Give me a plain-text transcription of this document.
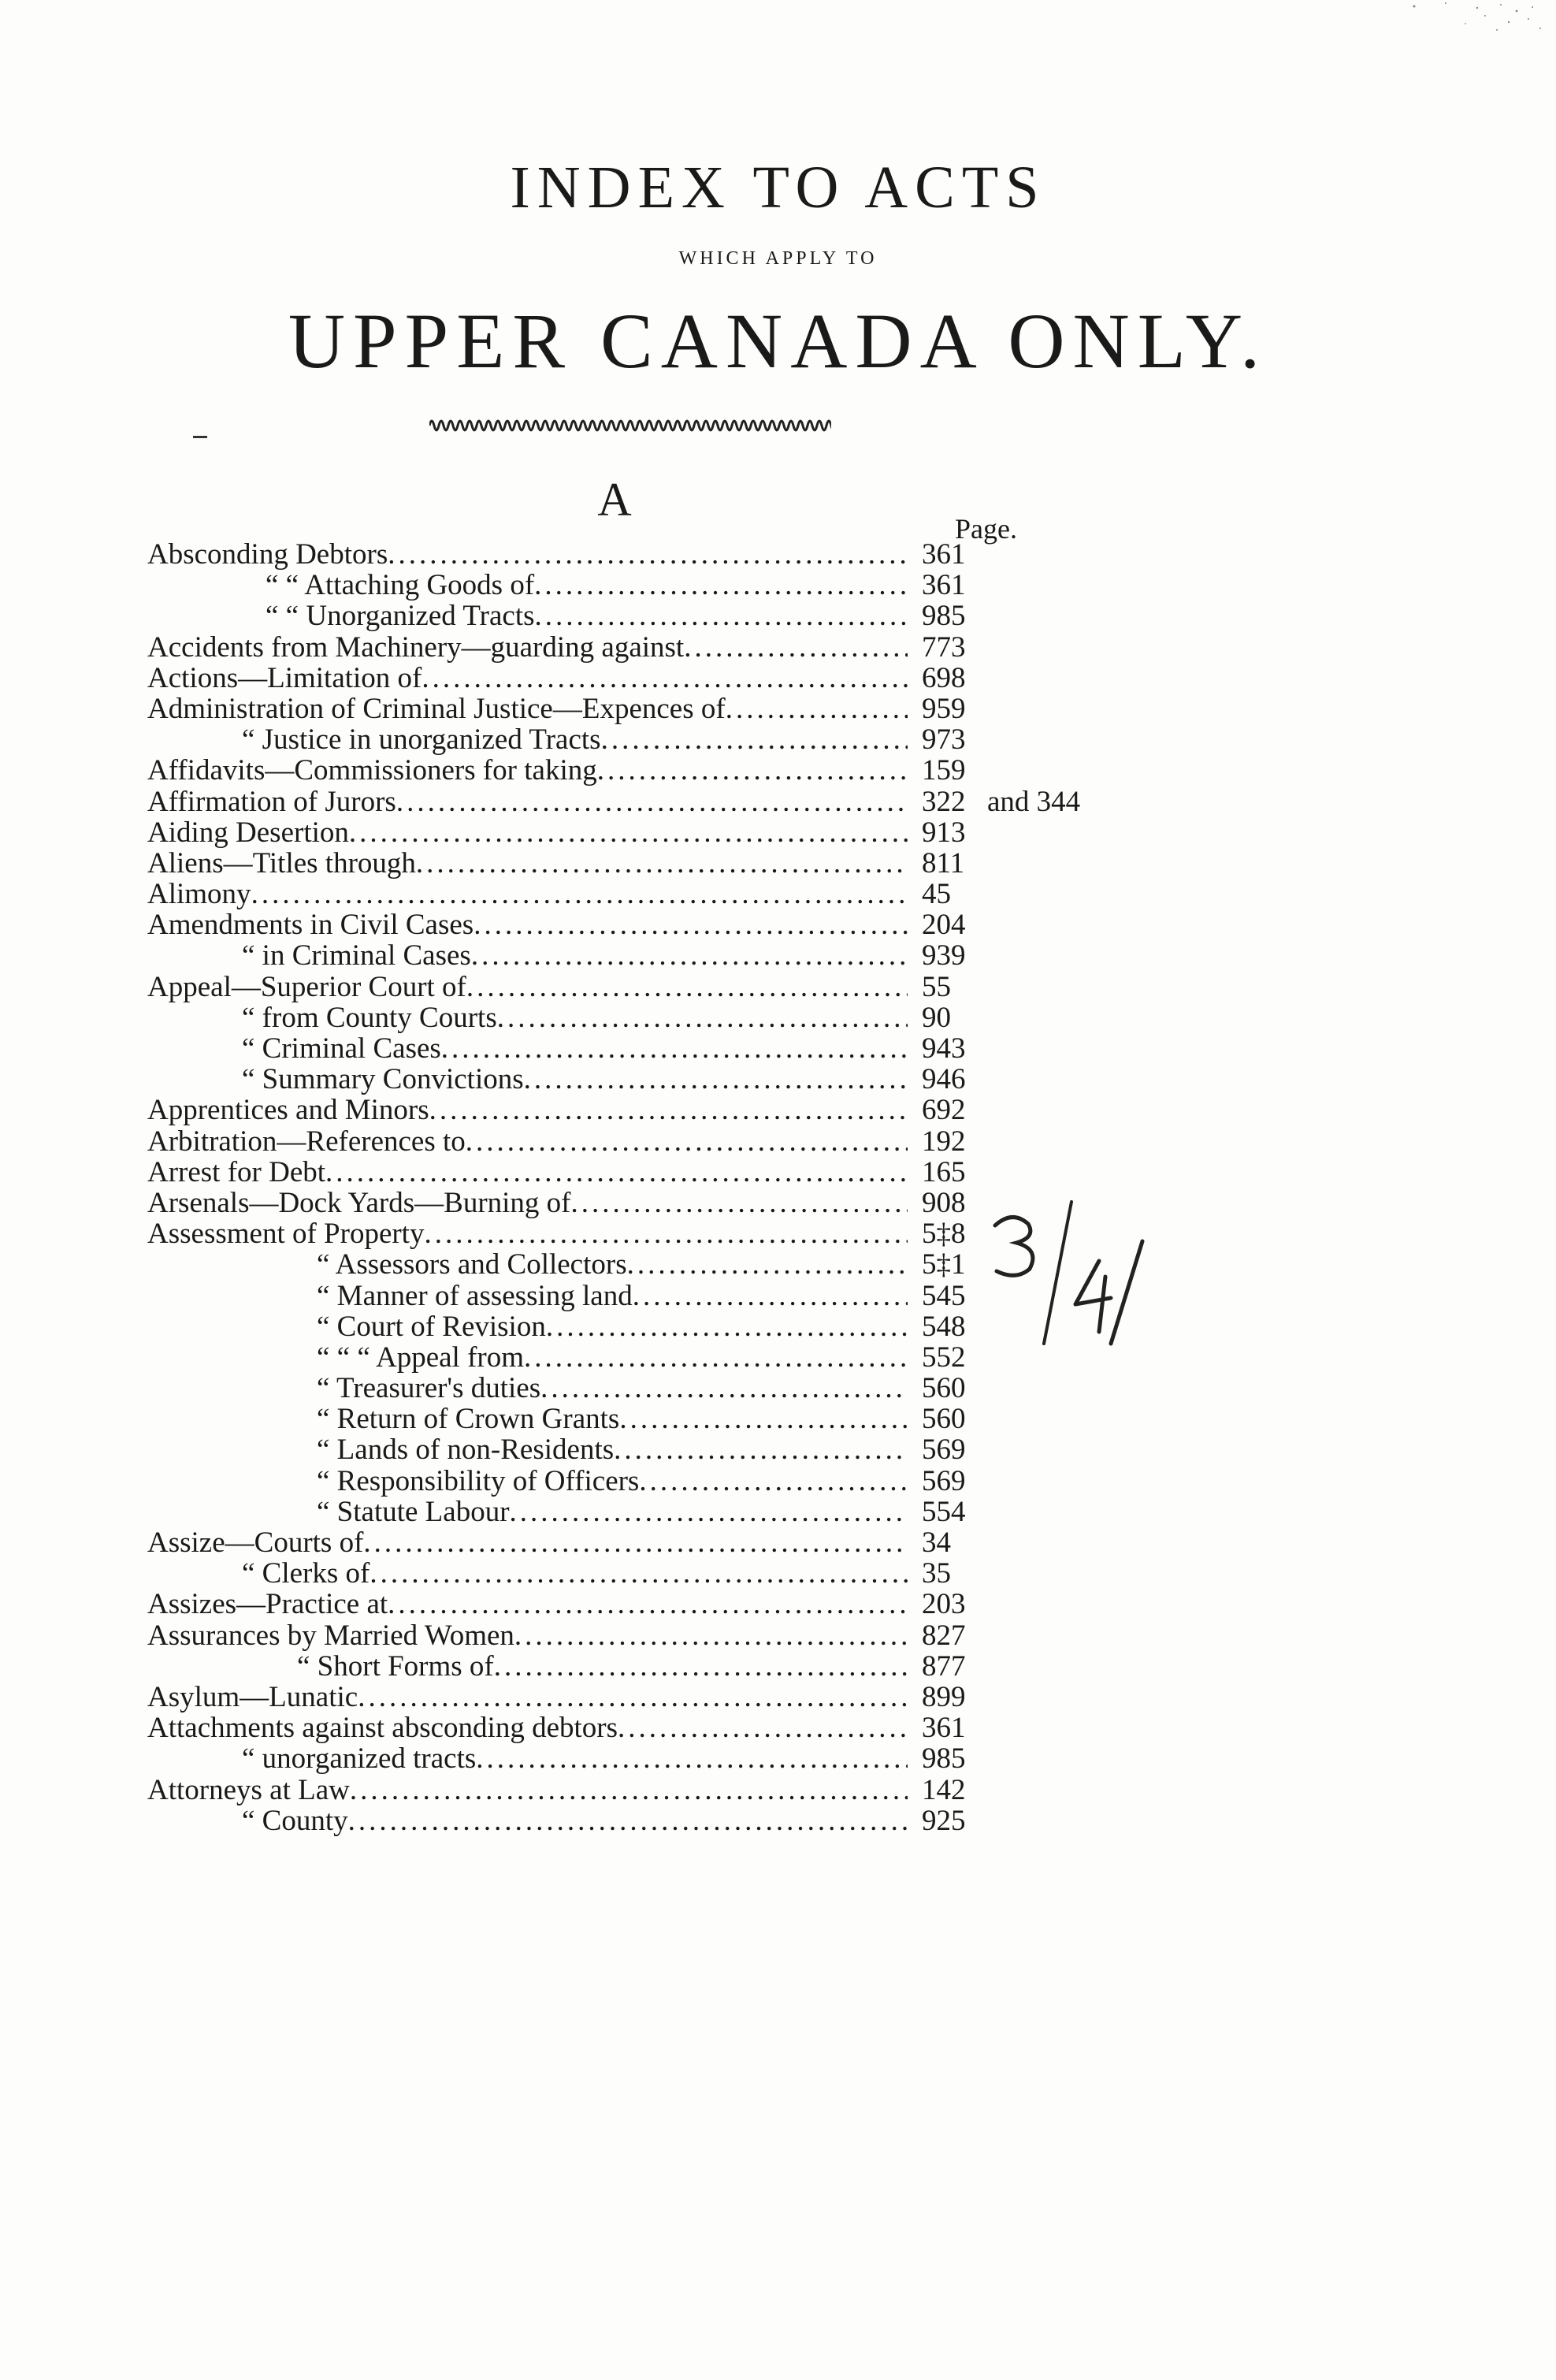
INDEX TO ACTS
WHICH APPLY TO
UPPER CANADA ONLY.
A
Page.
Absconding Debtors .....	361
“ “ Attaching Goods of .....	361
“ “ Unorganized Tracts .....	985
Accidents from Machinery—guarding against .....	773
Actions—Limitation of .....	698
Administration of Criminal Justice—Expences of .....	959
“ Justice in unorganized Tracts .....	973
Affidavits—Commissioners for taking .....	159
Affirmation of Jurors .....	322 and 344
Aiding Desertion .....	913
Aliens—Titles through .....	811
Alimony .....	45
Amendments in Civil Cases .....	204
“ in Criminal Cases .....	939
Appeal—Superior Court of .....	55
“ from County Courts .....	90
“ Criminal Cases .....	943
“ Summary Convictions .....	946
Apprentices and Minors .....	692
Arbitration—References to .....	192
Arrest for Debt .....	165
Arsenals—Dock Yards—Burning of .....	908
Assessment of Property .....	5‡8
“ Assessors and Collectors .....	5‡1
“ Manner of assessing land .....	545
“ Court of Revision .....	548
“ “ “ Appeal from .....	552
“ Treasurer's duties .....	560
“ Return of Crown Grants .....	560
“ Lands of non-Residents .....	569
“ Responsibility of Officers .....	569
“ Statute Labour .....	554
Assize—Courts of .....	34
“ Clerks of .....	35
Assizes—Practice at .....	203
Assurances by Married Women .....	827
“ Short Forms of .....	877
Asylum—Lunatic .....	899
Attachments against absconding debtors .....	361
“ unorganized tracts .....	985
Attorneys at Law .....	142
“ County .....	925
3/4
